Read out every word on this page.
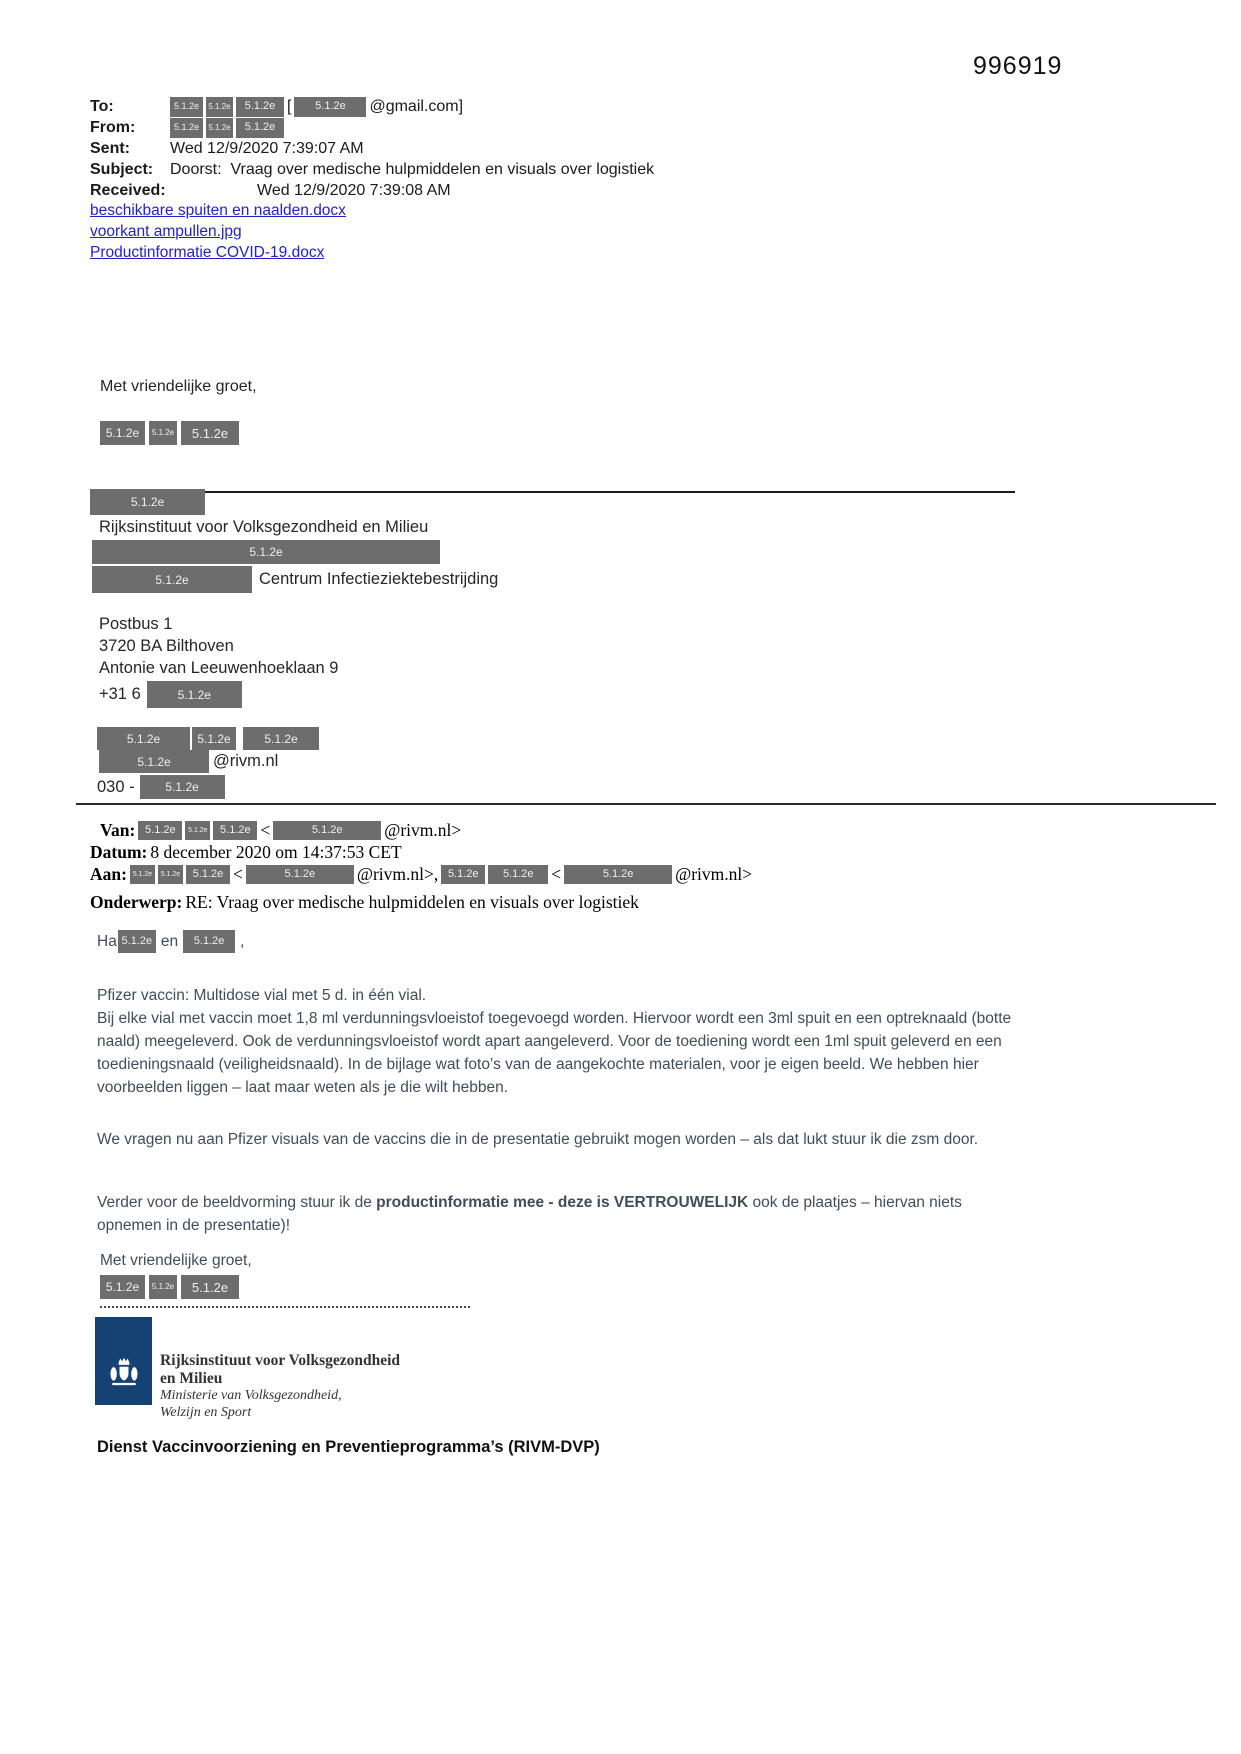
996919
To:	5.1.2e	5.1.2e	5.1.2e [	5.1.2e	@gmail.com]
From:	5.1.2e	5.1.2e	5.1.2e
Sent:	Wed 12/9/2020 7:39:07 AM
Subject:	Doorst:  Vraag over medische hulpmiddelen en visuals over logistiek
Received:	Wed 12/9/2020 7:39:08 AM
beschikbare spuiten en naalden.docx
voorkant ampullen.jpg
Productinformatie COVID-19.docx
Met vriendelijke groet,
5.1.2e	5.1.2e	5.1.2e
5.1.2e
Rijksinstituut voor Volksgezondheid en Milieu
5.1.2e
5.1.2e	Centrum Infectieziektebestrijding
Postbus 1
3720 BA Bilthoven
Antonie van Leeuwenhoeklaan 9
+31 6	5.1.2e
5.1.2e	5.1.2e	5.1.2e
5.1.2e	@rivm.nl
030 -	5.1.2e
Van: 5.1.2e	5.1.2e	5.1.2e <	5.1.2e	@rivm.nl>
Datum: 8 december 2020 om 14:37:53 CET
Aan: 5.1.2e	5.1.2e	5.1.2e <	5.1.2e	@rivm.nl>, 5.1.2e	5.1.2e	<	5.1.2e	@rivm.nl>
Onderwerp: RE: Vraag over medische hulpmiddelen en visuals over logistiek
Ha 5.1.2e en	5.1.2e	,
Pfizer vaccin: Multidose vial met 5 d. in één vial.
Bij elke vial met vaccin moet 1,8 ml verdunningsvloeistof toegevoegd worden. Hiervoor wordt een 3ml spuit en een optreknaald (botte naald) meegeleverd. Ook de verdunningsvloeistof wordt apart aangeleverd. Voor de toediening wordt een 1ml spuit geleverd en een toedieningsnaald (veiligheidsnaald). In de bijlage wat foto’s van de aangekochte materialen, voor je eigen beeld. We hebben hier voorbeelden liggen – laat maar weten als je die wilt hebben.
We vragen nu aan Pfizer visuals van de vaccins die in de presentatie gebruikt mogen worden – als dat lukt stuur ik die zsm door.
Verder voor de beeldvorming stuur ik de productinformatie mee - deze is VERTROUWELIJK ook de plaatjes – hiervan niets opnemen in de presentatie)!
Met vriendelijke groet,
5.1.2e	5.1.2e	5.1.2e
Rijksinstituut voor Volksgezondheid
en Milieu
Ministerie van Volksgezondheid,
Welzijn en Sport
Dienst Vaccinvoorziening en Preventieprogramma’s (RIVM-DVP)
